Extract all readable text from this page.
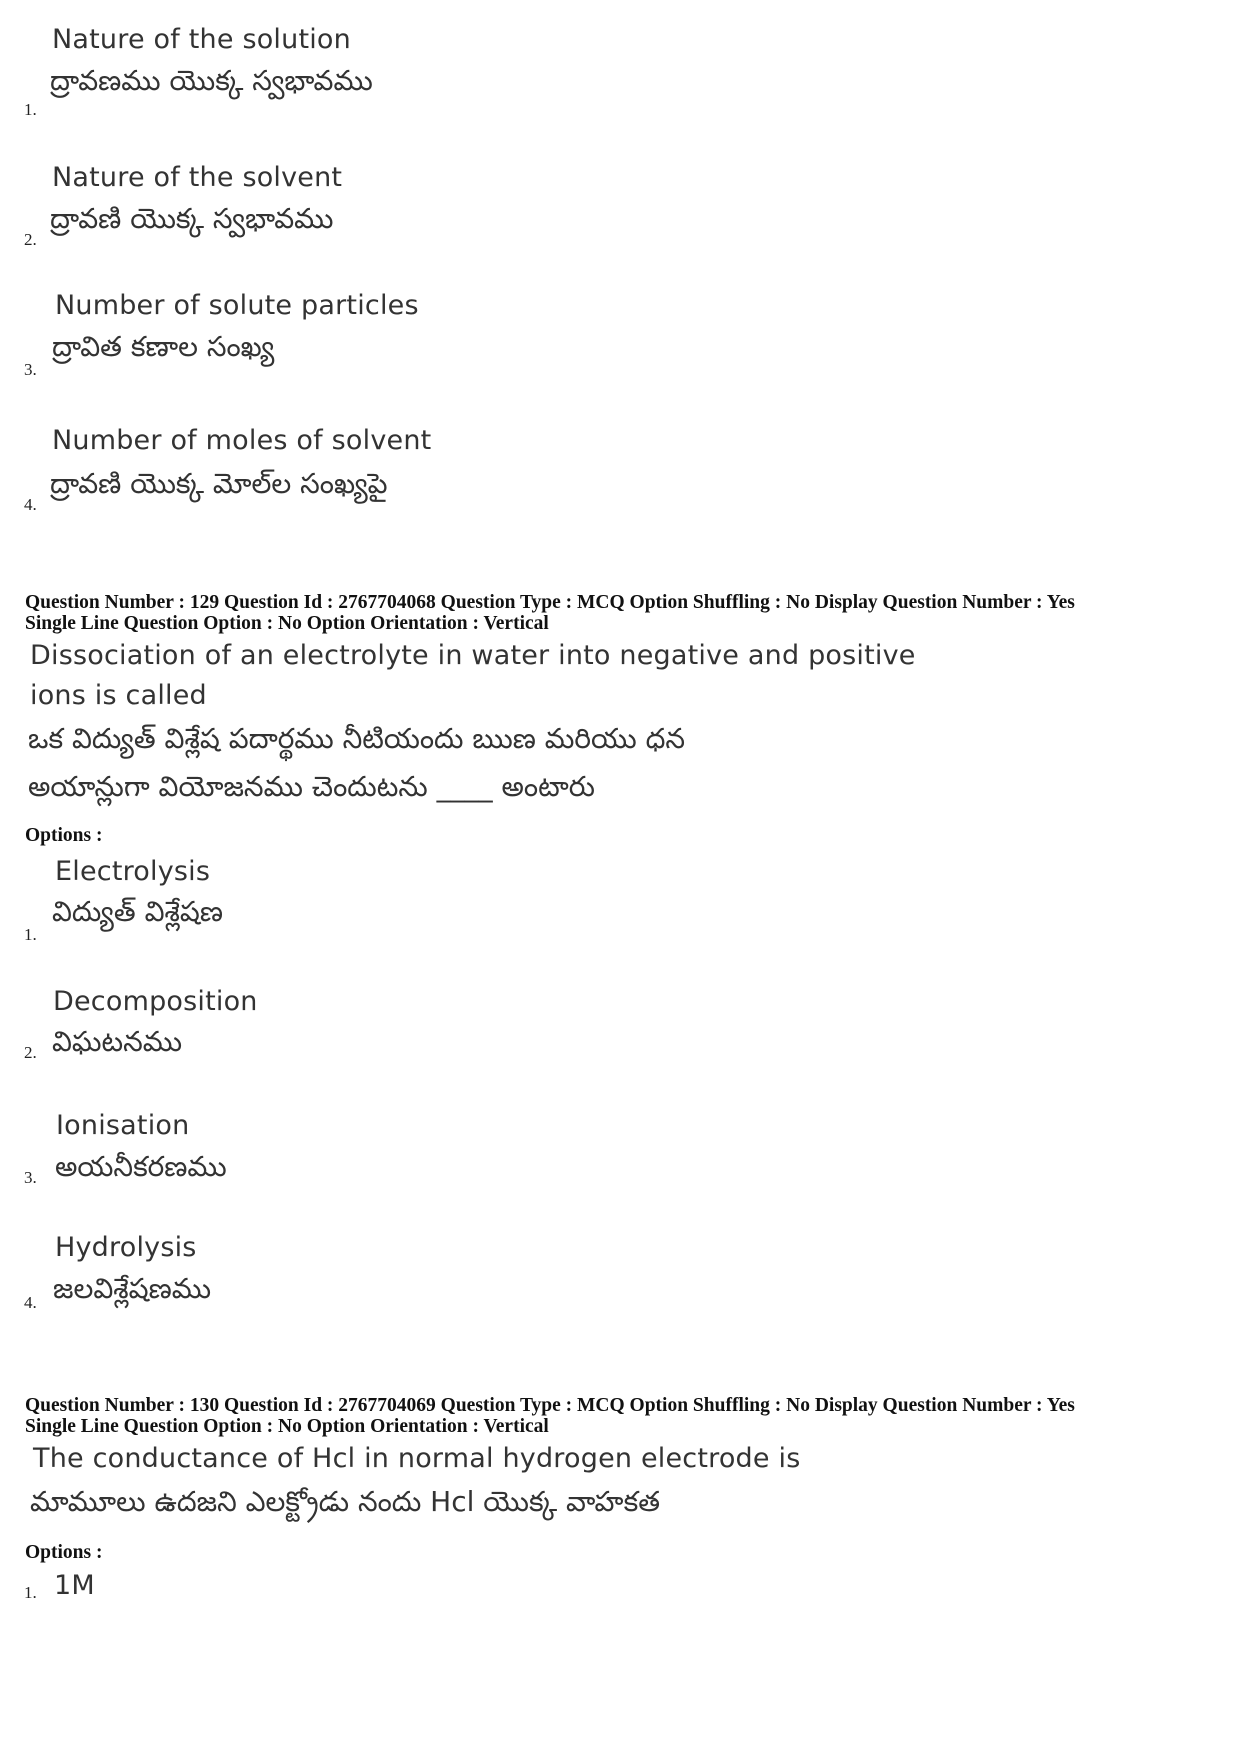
Nature of the solution
ద్రావణము యొక్క స్వభావము
1.
Nature of the solvent
ద్రావణి యొక్క స్వభావము
2.
Number of solute particles
ద్రావిత కణాల సంఖ్య
3.
Number of moles of solvent
ద్రావణి యొక్క మోల్‌ల సంఖ్యపై
4.
Question Number : 129 Question Id : 2767704068 Question Type : MCQ Option Shuffling : No Display Question Number : Yes
Single Line Question Option : No Option Orientation : Vertical
Dissociation of an electrolyte in water into negative and positive
ions is called
ఒక విద్యుత్ విశ్లేష పదార్థము నీటియందు ఋణ మరియు ధన
అయాన్లుగా వియోజనము చెందుటను ____ అంటారు
Options :
Electrolysis
విద్యుత్ విశ్లేషణ
1.
Decomposition
విఘటనము
2.
Ionisation
అయనీకరణము
3.
Hydrolysis
జలవిశ్లేషణము
4.
Question Number : 130 Question Id : 2767704069 Question Type : MCQ Option Shuffling : No Display Question Number : Yes
Single Line Question Option : No Option Orientation : Vertical
The conductance of Hcl in normal hydrogen electrode is
మామూలు ఉదజని ఎలక్ట్రోడు నందు Hcl యొక్క వాహకత
Options :
1M
1.
